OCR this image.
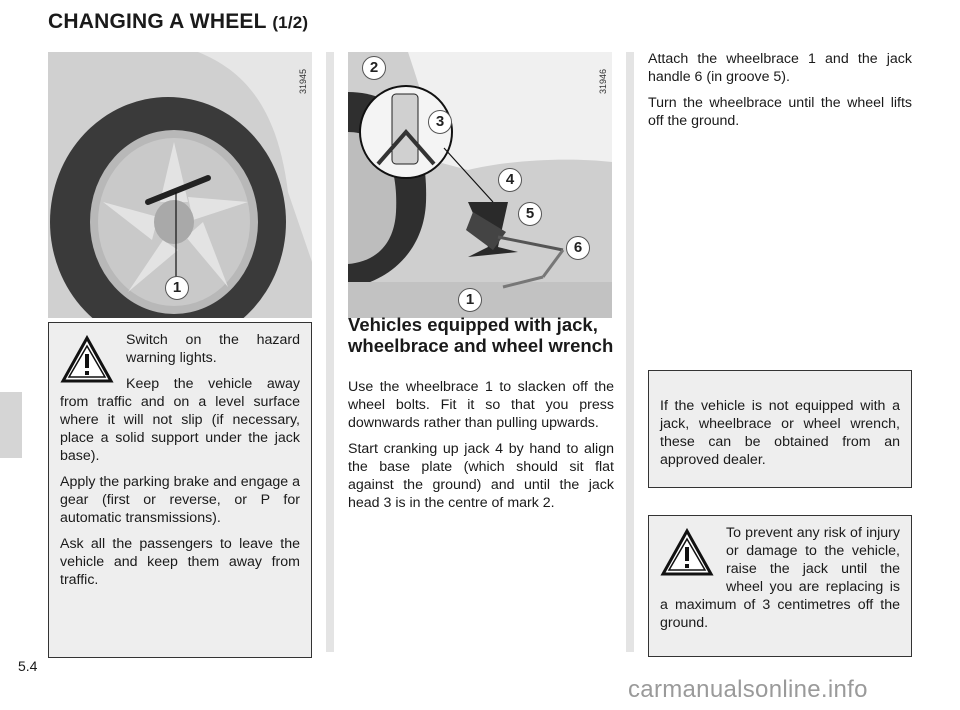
CHANGING A WHEEL (1/2)
31945
1
31946
2
3
4
5
6
1

Switch on the hazard warning lights.

Keep the vehicle away from traffic and on a level surface where it will not slip (if necessary, place a solid support under the jack base).

Apply the parking brake and engage a gear (first or reverse, or P for automatic transmissions).

Ask all the passengers to leave the vehicle and keep them away from traffic.

Vehicles equipped with jack, wheelbrace and wheel wrench

Use the wheelbrace 1 to slacken off the wheel bolts. Fit it so that you press downwards rather than pulling upwards.

Start cranking up jack 4 by hand to align the base plate (which should sit flat against the ground) and until the jack head 3 is in the centre of mark 2.

Attach the wheelbrace 1 and the jack handle 6 (in groove 5).

Turn the wheelbrace until the wheel lifts off the ground.

If the vehicle is not equipped with a jack, wheelbrace or wheel wrench, these can be obtained from an approved dealer.

To prevent any risk of injury or damage to the vehicle, raise the jack until the wheel you are replacing is a maximum of 3 centimetres off the ground.

5.4
carmanualsonline.info
